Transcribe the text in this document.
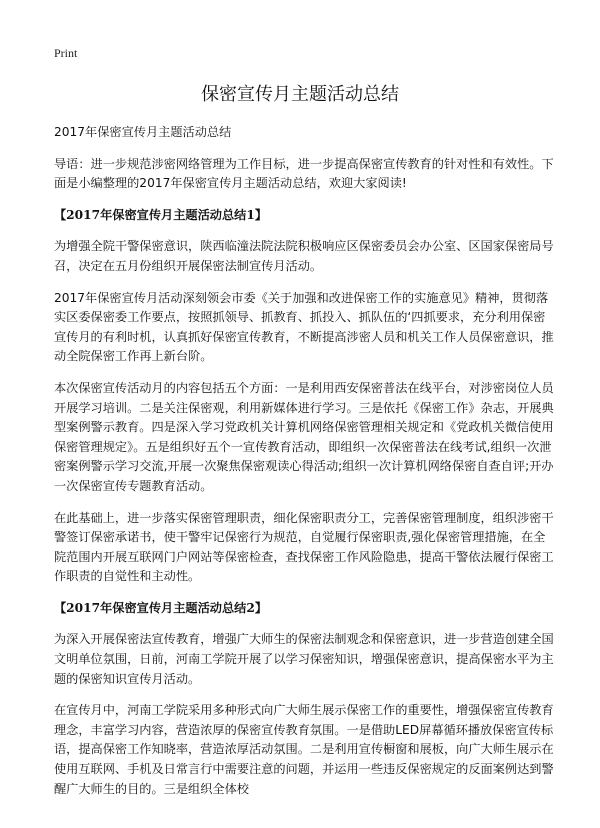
Print
保密宣传月主题活动总结

2017年保密宣传月主题活动总结

导语：进一步规范涉密网络管理为工作目标，进一步提高保密宣传教育的针对性和有效性。下面是小编整理的2017年保密宣传月主题活动总结，欢迎大家阅读!

【2017年保密宣传月主题活动总结1】

为增强全院干警保密意识，陕西临潼法院法院积极响应区保密委员会办公室、区国家保密局号召，决定在五月份组织开展保密法制宣传月活动。

2017年保密宣传月活动深刻领会市委《关于加强和改进保密工作的实施意见》精神，贯彻落实区委保密委工作要点，按照抓领导、抓教育、抓投入、抓队伍的‘四抓要求，充分利用保密宣传月的有利时机，认真抓好保密宣传教育，不断提高涉密人员和机关工作人员保密意识，推动全院保密工作再上新台阶。

本次保密宣传活动月的内容包括五个方面：一是利用西安保密普法在线平台，对涉密岗位人员开展学习培训。二是关注保密观，利用新媒体进行学习。三是依托《保密工作》杂志，开展典型案例警示教育。四是深入学习党政机关计算机网络保密管理相关规定和《党政机关微信使用保密管理规定》。五是组织好五个一宣传教育活动，即组织一次保密普法在线考试,组织一次泄密案例警示学习交流,开展一次聚焦保密观读心得活动;组织一次计算机网络保密自查自评;开办一次保密宣传专题教育活动。

在此基础上，进一步落实保密管理职责，细化保密职责分工，完善保密管理制度，组织涉密干警签订保密承诺书，使干警牢记保密行为规范，自觉履行保密职责,强化保密管理措施，在全院范围内开展互联网门户网站等保密检查，查找保密工作风险隐患，提高干警依法履行保密工作职责的自觉性和主动性。

【2017年保密宣传月主题活动总结2】

为深入开展保密法宣传教育，增强广大师生的保密法制观念和保密意识，进一步营造创建全国文明单位氛围，日前，河南工学院开展了以学习保密知识，增强保密意识，提高保密水平为主题的保密知识宣传月活动。

在宣传月中，河南工学院采用多种形式向广大师生展示保密工作的重要性，增强保密宣传教育理念，丰富学习内容，营造浓厚的保密宣传教育氛围。一是借助LED屏幕循环播放保密宣传标语，提高保密工作知晓率，营造浓厚活动氛围。二是利用宣传橱窗和展板，向广大师生展示在使用互联网、手机及日常言行中需要注意的问题，并运用一些违反保密规定的反面案例达到警醒广大师生的目的。三是组织全体校
